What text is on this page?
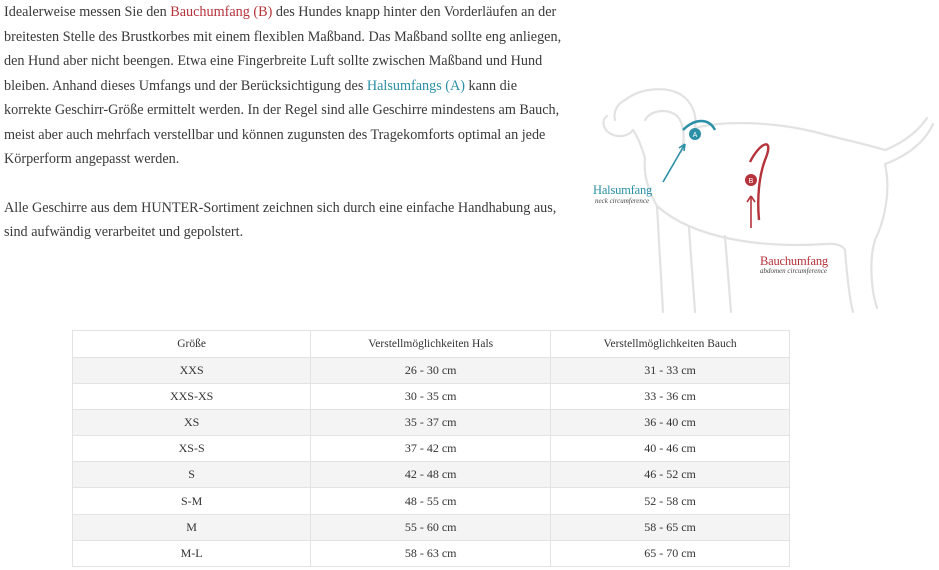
Idealerweise messen Sie den Bauchumfang (B) des Hundes knapp hinter den Vorderläufen an der breitesten Stelle des Brustkorbes mit einem flexiblen Maßband. Das Maßband sollte eng anliegen, den Hund aber nicht beengen. Etwa eine Fingerbreite Luft sollte zwischen Maßband und Hund bleiben. Anhand dieses Umfangs und der Berücksichtigung des Halsumfangs (A) kann die korrekte Geschirr-Größe ermittelt werden. In der Regel sind alle Geschirre mindestens am Bauch, meist aber auch mehrfach verstellbar und können zugunsten des Tragekomforts optimal an jede Körperform angepasst werden.

Alle Geschirre aus dem HUNTER-Sortiment zeichnen sich durch eine einfache Handhabung aus, sind aufwändig verarbeitet und gepolstert.

A
B
Halsumfang
neck circumference
Bauchumfang
abdomen circumference
Größe	Verstellmöglichkeiten Hals	Verstellmöglichkeiten Bauch
XXS	26 - 30 cm	31 - 33 cm
XXS-XS	30 - 35 cm	33 - 36 cm
XS	35 - 37 cm	36 - 40 cm
XS-S	37 - 42 cm	40 - 46 cm
S	42 - 48 cm	46 - 52 cm
S-M	48 - 55 cm	52 - 58 cm
M	55 - 60 cm	58 - 65 cm
M-L	58 - 63 cm	65 - 70 cm
